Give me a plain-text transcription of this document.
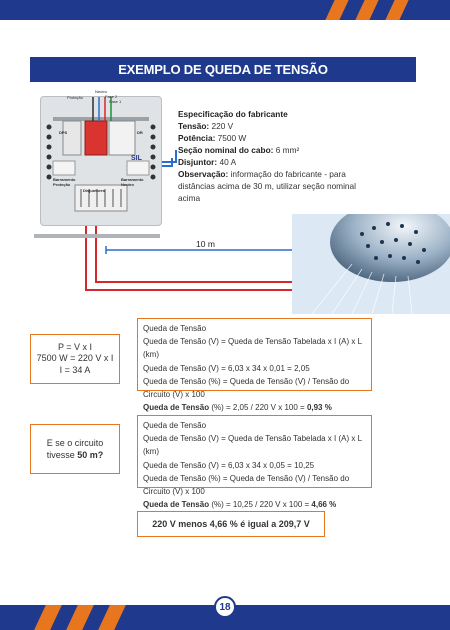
EXEMPLO DE QUEDA DE TENSÃO
Neutro
Proteção	Fase 2
Fase 1
DPS	DR
SIL
Barramento Proteção
Barramento Neutro
Disjuntores
Especificação do fabricante
Tensão: 220 V
Potência: 7500 W
Seção nominal do cabo: 6 mm²
Disjuntor: 40 A
Observação: informação do fabricante - para distâncias acima de 30 m, utilizar seção nominal acima
10 m
P = V x I
7500 W = 220 V x I
I = 34 A
Queda de Tensão
Queda de Tensão (V) = Queda de Tensão Tabelada x I (A) x L (km)
Queda de Tensão (V) = 6,03 x 34 x 0,01 = 2,05
Queda de Tensão (%) = Queda de Tensão (V) / Tensão do Circuito (V) x 100
Queda de Tensão (%) = 2,05 / 220 V x 100 = 0,93 %
E se o circuito tivesse 50 m?
Queda de Tensão
Queda de Tensão (V) = Queda de Tensão Tabelada x I (A) x L (km)
Queda de Tensão (V) = 6,03 x 34 x 0,05 = 10,25
Queda de Tensão (%) = Queda de Tensão (V) / Tensão do Circuito (V) x 100
Queda de Tensão (%) = 10,25 / 220 V x 100 = 4,66 %
220 V menos 4,66 % é igual a 209,7 V
18
